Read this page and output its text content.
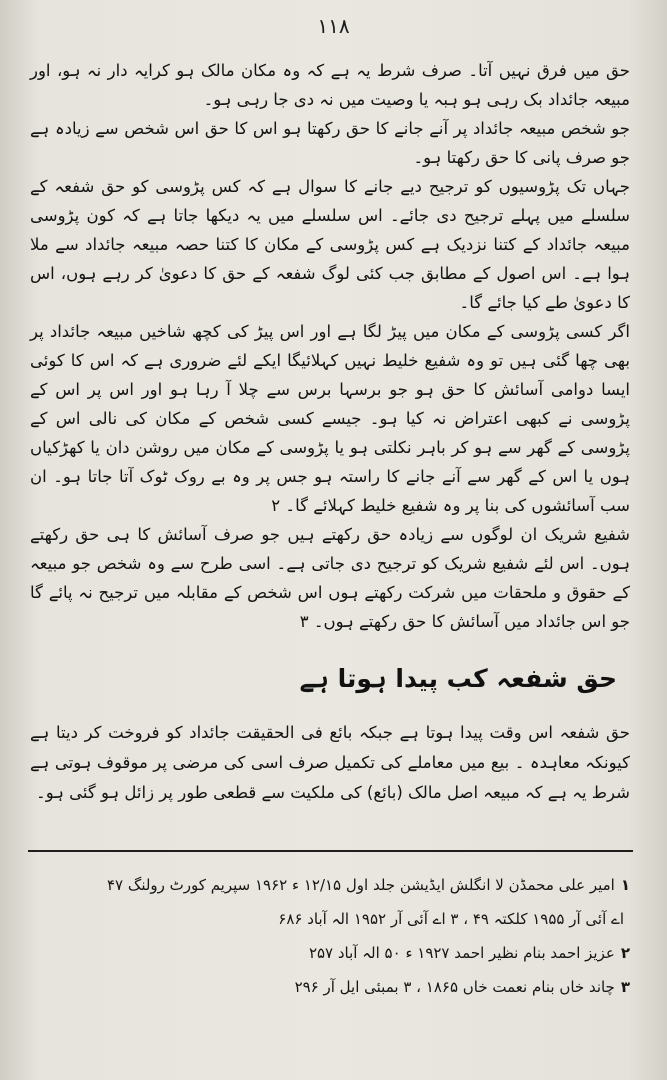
۱۱۸

حق میں فرق نہیں آتا۔ صرف شرط یہ ہے کہ وہ مکان مالک ہو کرایہ دار نہ ہو، اور مبیعہ جائداد بک رہی ہو ہبہ یا وصیت میں نہ دی جا رہی ہو۔

جو شخص مبیعہ جائداد پر آنے جانے کا حق رکھتا ہو اس کا حق اس شخص سے زیادہ ہے جو صرف پانی کا حق رکھتا ہو۔

جہاں تک پڑوسیوں کو ترجیح دیے جانے کا سوال ہے کہ کس پڑوسی کو حق شفعہ کے سلسلے میں پہلے ترجیح دی جائے۔ اس سلسلے میں یہ دیکھا جاتا ہے کہ کون پڑوسی مبیعہ جائداد کے کتنا نزدیک ہے کس پڑوسی کے مکان کا کتنا حصہ مبیعہ جائداد سے ملا ہوا ہے۔ اس اصول کے مطابق جب کئی لوگ شفعہ کے حق کا دعویٰ کر رہے ہوں، اس کا دعویٰ طے کیا جائے گا۔

اگر کسی پڑوسی کے مکان میں پیڑ لگا ہے اور اس پیڑ کی کچھ شاخیں مبیعہ جائداد پر بھی چھا گئی ہیں تو وہ شفیع خلیط نہیں کہلائیگا ایکے لئے ضروری ہے کہ اس کا کوئی ایسا دوامی آسائش کا حق ہو جو برسہا برس سے چلا آ رہا ہو اور اس پر اس کے پڑوسی نے کبھی اعتراض نہ کیا ہو۔ جیسے کسی شخص کے مکان کی نالی اس کے پڑوسی کے گھر سے ہو کر باہر نکلتی ہو یا پڑوسی کے مکان میں روشن دان یا کھڑکیاں ہوں یا اس کے گھر سے آنے جانے کا راستہ ہو جس پر وہ بے روک ٹوک آتا جاتا ہو۔ ان سب آسائشوں کی بنا پر وہ شفیع خلیط کہلائے گا۔ ۲

شفیع شریک ان لوگوں سے زیادہ حق رکھتے ہیں جو صرف آسائش کا ہی حق رکھتے ہوں۔ اس لئے شفیع شریک کو ترجیح دی جاتی ہے۔ اسی طرح سے وہ شخص جو مبیعہ کے حقوق و ملحقات میں شرکت رکھتے ہوں اس شخص کے مقابلہ میں ترجیح نہ پائے گا جو اس جائداد میں آسائش کا حق رکھتے ہوں۔ ۳

حق شفعہ کب پیدا ہوتا ہے

حق شفعہ اس وقت پیدا ہوتا ہے جبکہ بائع فی الحقیقت جائداد کو فروخت کر دیتا ہے کیونکہ معاہدہ ۔ بیع میں معاملے کی تکمیل صرف اسی کی مرضی پر موقوف ہوتی ہے شرط یہ ہے کہ مبیعہ اصل مالک (بائع) کی ملکیت سے قطعی طور پر زائل ہو گئی ہو۔

۱امیر علی محمڈن لا انگلش ایڈیشن جلد اول ۱۲/۱۵ ء ۱۹۶۲ سپریم کورٹ رولنگ ۴۷
اے آئی آر ۱۹۵۵ کلکتہ ۴۹ ، ۳ اے آئی آر ۱۹۵۲ الہ آباد ۶۸۶
۲عزیز احمد بنام نظیر احمد ۱۹۲۷ ء ۵۰ الہ آباد ۲۵۷
۳چاند خاں بنام نعمت خاں ۱۸۶۵ ، ۳ بمبئی ایل آر ۲۹۶
